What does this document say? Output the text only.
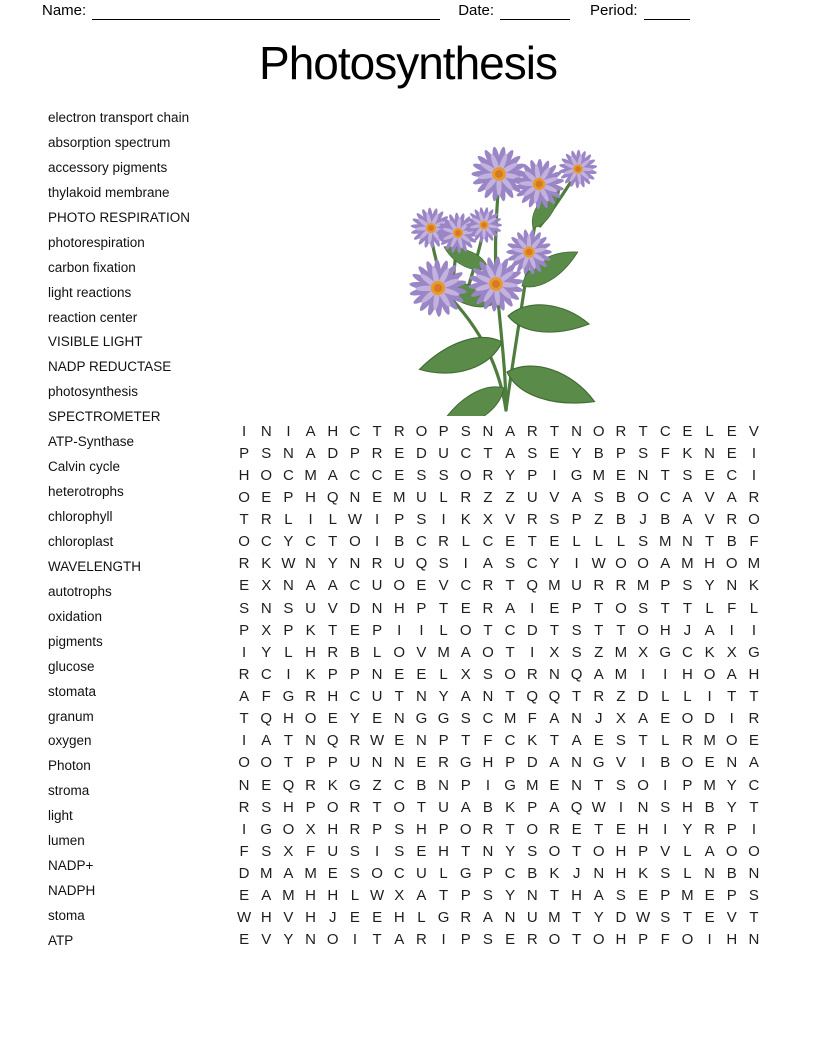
Name:	Date:	Period:
Photosynthesis
electron transport chain
absorption spectrum
accessory pigments
thylakoid membrane
PHOTO RESPIRATION
photorespiration
carbon fixation
light reactions
reaction center
VISIBLE LIGHT
NADP REDUCTASE
photosynthesis
SPECTROMETER
ATP-Synthase
Calvin cycle
heterotrophs
chlorophyll
chloroplast
WAVELENGTH
autotrophs
oxidation
pigments
glucose
stomata
granum
oxygen
Photon
stroma
light
lumen
NADP+
NADPH
stoma
ATP
I N I	A H C T R O P S N A R T N O R T C E L E V
P S N A D P R E D U C T A S E Y B P S F K N E	I
H O C M A C C E S S O R Y P	I G M E N T S E C I
O E P H Q N E M U L R Z Z U V A S B O C A V A R
T R L	I	L W I	P S	I	K X V R S P Z B J B A V R O
O C Y C T O I	B C R L C E T E L L L S M N T B F
R K W N Y N R U Q S	I	A S C Y	I W O O A M H O M
E X N A A C U O E V C R T Q M U R R M P S Y N K
S N S U V D N H P T E R A	I	E P T O S T T L F L
P X P K T E P	I	I	L O T C D T S T T O H J A	I	I
I	Y L H R B L O V M A O T	I	X S Z M X G C K X G
R C I	K P P N E E L X S O R N Q A M I	I H O A H
A F G R H C U T N Y A N T Q Q T R Z D L L	I	T T
T Q H O E Y E N G G S C M F A N J X A E O D I R
I	A T N Q R W E N P T F C K T A E S T L R M O E
O O T P P U N N E R G H P D A N G V	I	B O E N A
N E Q R K G Z C B N P	I G M E N T S O I	P M Y C
R S H P O R T O T U A B K P A Q W I N S H B Y T
I G O X H R P S H P O R T O R E T E H I	Y R P	I
F S X F U S	I	S E H T N Y S O T O H P V L A O O
D M A M E S O C U L G P C B K J N H K S L N B N
E A M H H L W X A T P S Y N T H A S E P M E P S
W H V H J E E H L G R A N U M T Y D W S T E V T
E V Y N O I	T A R I	P S E R O T O H P F O I H N
